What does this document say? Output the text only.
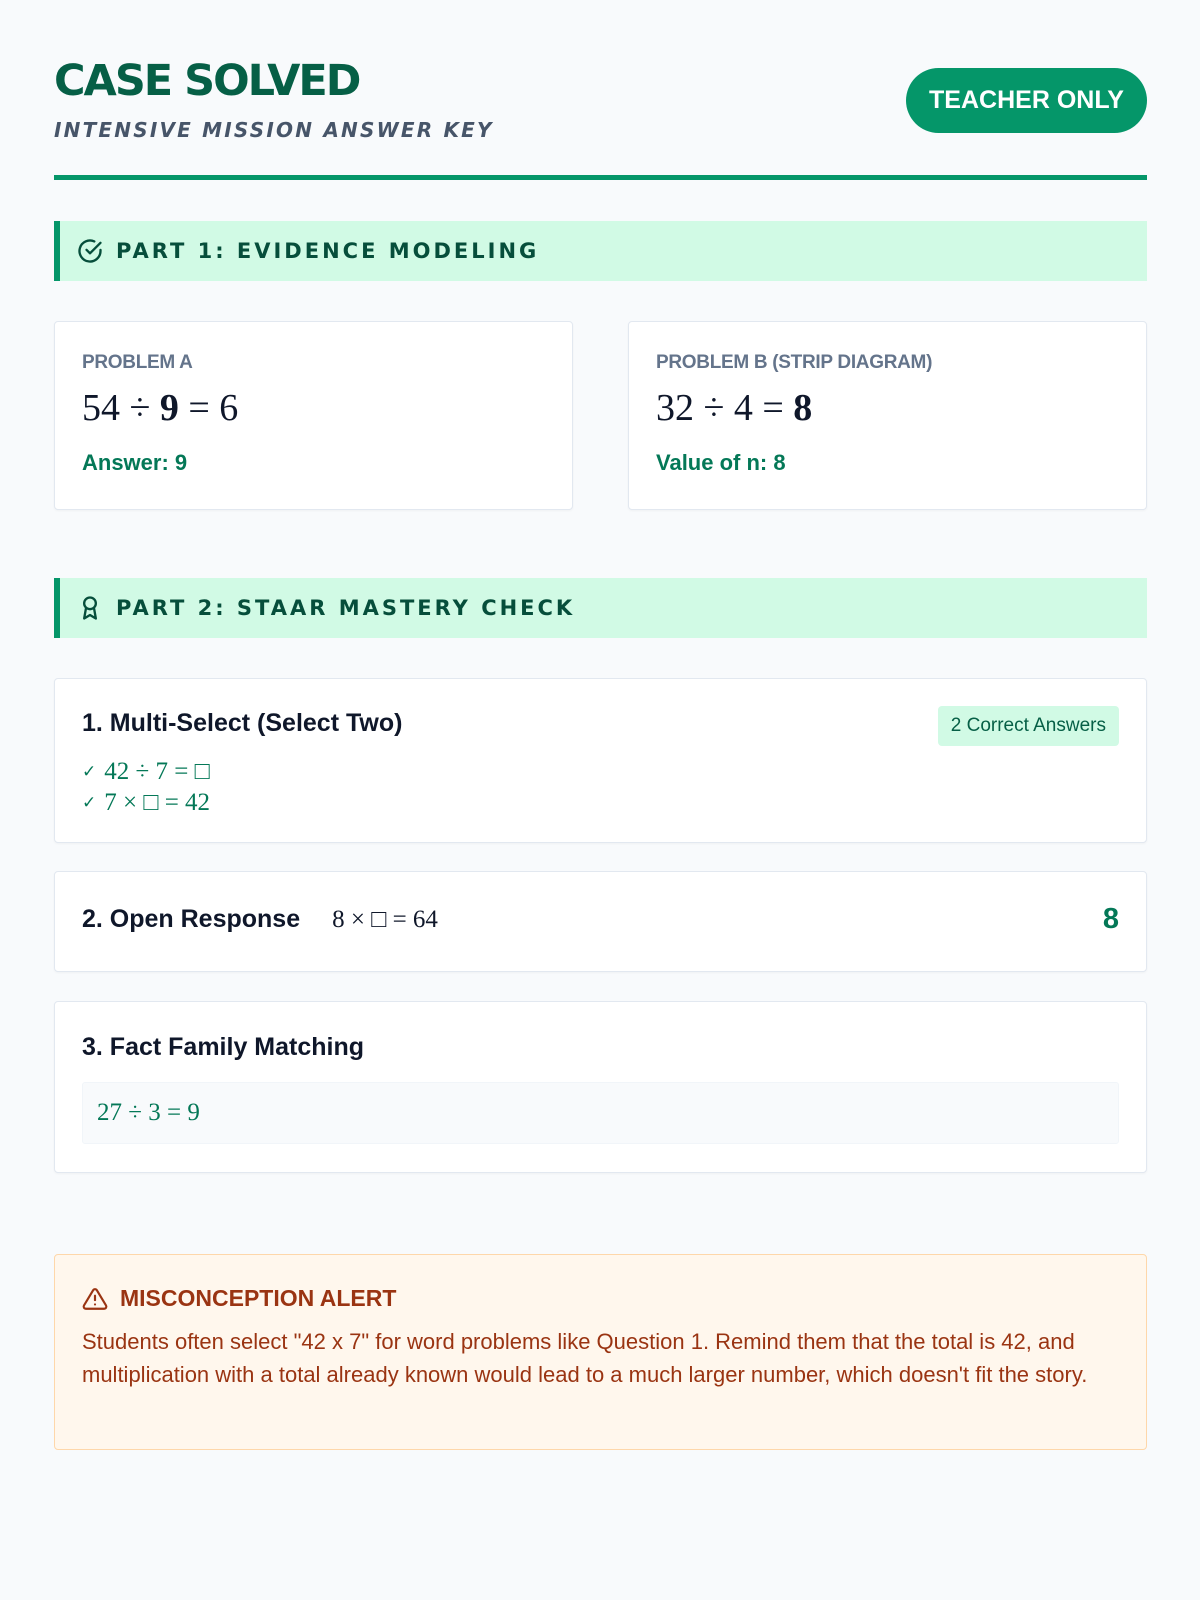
CASE SOLVED
INTENSIVE MISSION ANSWER KEY
TEACHER ONLY
PART 1: EVIDENCE MODELING
PROBLEM A
54 ÷ 9 = 6
Answer: 9
PROBLEM B (STRIP DIAGRAM)
32 ÷ 4 = 8
Value of n: 8
PART 2: STAAR MASTERY CHECK
1. Multi-Select (Select Two)	2 Correct Answers
✓ 42 ÷ 7 = □
✓ 7 × □ = 42
2. Open Response 8 × □ = 64	8
3. Fact Family Matching
27 ÷ 3 = 9
MISCONCEPTION ALERT
Students often select "42 x 7" for word problems like Question 1. Remind them that the total is 42, and multiplication with a total already known would lead to a much larger number, which doesn't fit the story.
